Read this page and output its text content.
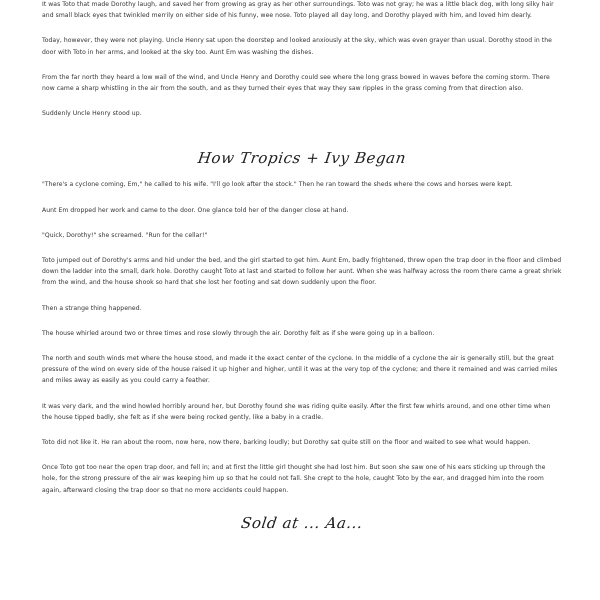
It was Toto that made Dorothy laugh, and saved her from growing as gray as her other surroundings. Toto was not gray; he was a little black dog, with long silky hair and small black eyes that twinkled merrily on either side of his funny, wee nose. Toto played all day long, and Dorothy played with him, and loved him dearly.

Today, however, they were not playing. Uncle Henry sat upon the doorstep and looked anxiously at the sky, which was even grayer than usual. Dorothy stood in the door with Toto in her arms, and looked at the sky too. Aunt Em was washing the dishes.

From the far north they heard a low wail of the wind, and Uncle Henry and Dorothy could see where the long grass bowed in waves before the coming storm. There now came a sharp whistling in the air from the south, and as they turned their eyes that way they saw ripples in the grass coming from that direction also.

Suddenly Uncle Henry stood up.

How Tropics + Ivy Began

"There's a cyclone coming, Em," he called to his wife. "I'll go look after the stock." Then he ran toward the sheds where the cows and horses were kept.

Aunt Em dropped her work and came to the door. One glance told her of the danger close at hand.

"Quick, Dorothy!" she screamed. "Run for the cellar!"

Toto jumped out of Dorothy's arms and hid under the bed, and the girl started to get him. Aunt Em, badly frightened, threw open the trap door in the floor and climbed down the ladder into the small, dark hole. Dorothy caught Toto at last and started to follow her aunt. When she was halfway across the room there came a great shriek from the wind, and the house shook so hard that she lost her footing and sat down suddenly upon the floor.

Then a strange thing happened.

The house whirled around two or three times and rose slowly through the air. Dorothy felt as if she were going up in a balloon.

The north and south winds met where the house stood, and made it the exact center of the cyclone. In the middle of a cyclone the air is generally still, but the great pressure of the wind on every side of the house raised it up higher and higher, until it was at the very top of the cyclone; and there it remained and was carried miles and miles away as easily as you could carry a feather.

It was very dark, and the wind howled horribly around her, but Dorothy found she was riding quite easily. After the first few whirls around, and one other time when the house tipped badly, she felt as if she were being rocked gently, like a baby in a cradle.

Toto did not like it. He ran about the room, now here, now there, barking loudly; but Dorothy sat quite still on the floor and waited to see what would happen.

Once Toto got too near the open trap door, and fell in; and at first the little girl thought she had lost him. But soon she saw one of his ears sticking up through the hole, for the strong pressure of the air was keeping him up so that he could not fall. She crept to the hole, caught Toto by the ear, and dragged him into the room again, afterward closing the trap door so that no more accidents could happen.

Sold at ... Aa...
